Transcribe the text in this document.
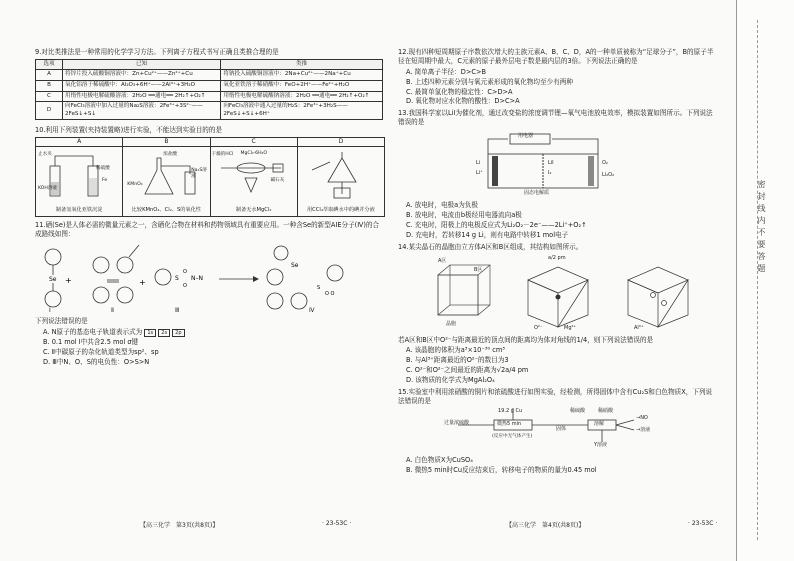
9.对比类推法是一种常用的化学学习方法。下列离子方程式书写正确且类推合理的是
选项	已知	类推
A	将锌片投入硫酸铜溶液中：Zn+Cu²⁺——Zn²⁺+Cu	将钠投入硫酸铜溶液中：2Na+Cu²⁺——2Na⁺+Cu
B	氧化铝溶于稀硫酸中：Al₂O₃+6H⁺——2Al³⁺+3H₂O	氧化亚铁溶于稀硝酸中：FeO+2H⁺——Fe²⁺+H₂O
C	用惰性电极电解硫酸溶液：2H₂O ══通电══ 2H₂↑+O₂↑	用惰性电极电解硫酸钠溶液：2H₂O ══通电══ 2H₂↑+O₂↑
D	向FeCl₃溶液中加入过量的Na₂S溶液：2Fe³⁺+3S²⁻——2FeS↓+S↓	向FeCl₃溶液中通入过量的H₂S：2Fe³⁺+3H₂S——2FeS↓+S↓+6H⁺
10.利用下列装置(夹持装置略)进行实验，不能达到实验目的的是
A
止水夹
KOH溶液
稀硫酸
Fe
制备氢氧化亚铁沉淀
B
浓盐酸
KMnO₄
Na₂S溶液
比较KMnO₄、Cl₂、S的氧化性
C
干燥的HCl MgCl₂·6H₂O
碱石灰
制备无水MgCl₂
D
用CCl₄萃取碘水中的碘并分液
11.硒(Se)是人体必需的微量元素之一，含硒化合物在材料和药物领域具有重要应用。一种含Se的新型AIE分子(Ⅳ)的合成路线如图：
Se +	+	S
O
O
N–N
Se
S
O O
Ⅰ	Ⅱ	Ⅲ	Ⅳ
下列说法错误的是
A. N原子的基态电子轨道表示式为 1s 2s 2p
B. 0.1 mol Ⅰ中共含2.5 mol σ键
C. Ⅱ中碳原子的杂化轨道类型为sp²、sp
D. Ⅲ中N、O、S的电负性：O>S>N
12.现有四种短周期原子序数依次增大的主族元素A、B、C、D，A的一种单质被称为“足球分子”，B的原子半径在短周期中最大，C元素的原子最外层电子数是最内层的3倍。下列说法正确的是
A. 简单离子半径：D>C>B
B. 上述四种元素分别与氧元素形成的氧化物均至少有两种
C. 最简单氢化物的稳定性：C>D>A
D. 氧化物对应水化物的酸性：D>C>A
13.我国科学家以LiI为催化剂，通过改变盐的浓度调节锂—氧气电池放电效率，模拟装置如图所示。下列说法错误的是
用电器
Li
Li⁺
LiI
I₂
O₂
Li₂O₂
固态电解质
A. 放电时，电极a为负极
B. 放电时，电流由b极经用电器流向a极
C. 充电时，阳极上的电极反应式为Li₂O₂－2e⁻——2Li⁺+O₂↑
D. 充电时，若转移14 g Li，则有电路中转移1 mol电子
14.某尖晶石的晶胞由立方体A区和B区组成，其结构如图所示。
A区
B区
晶胞
a/2 pm
O²⁻	Mg²⁺	Al³⁺
若A区和B区中O²⁻与距离最近的顶点间的距离均为体对角线的1/4，则下列说法错误的是
A. 该晶胞的体积为a³×10⁻³⁰ cm³
B. 与Al³⁺距离最近的O²⁻的数目为3
C. O²⁻和O²⁻之间最近的距离为√2a/4 pm
D. 该物质的化学式为MgAl₂O₄
15.实验室中利用浓硝酸的铜片和浓硫酸进行如图实验，经检测，所得固体中含有Cu₂S和白色物质X，下列说法错误的是
19.2 g Cu
过量浓硫酸	微热5 min
(反应中无气体产生)
稀硫酸	稀硝酸
溶解
→NO
→溶液
Y溶液
固体
A. 白色物质X为CuSO₄
B. 微热5 min时Cu反应结束后，转移电子的物质的量为0.45 mol
【高三化学　第3页(共8页)】	· 23-53C ·	【高三化学　第4页(共8页)】	· 23-53C ·
密封线内不要答题
